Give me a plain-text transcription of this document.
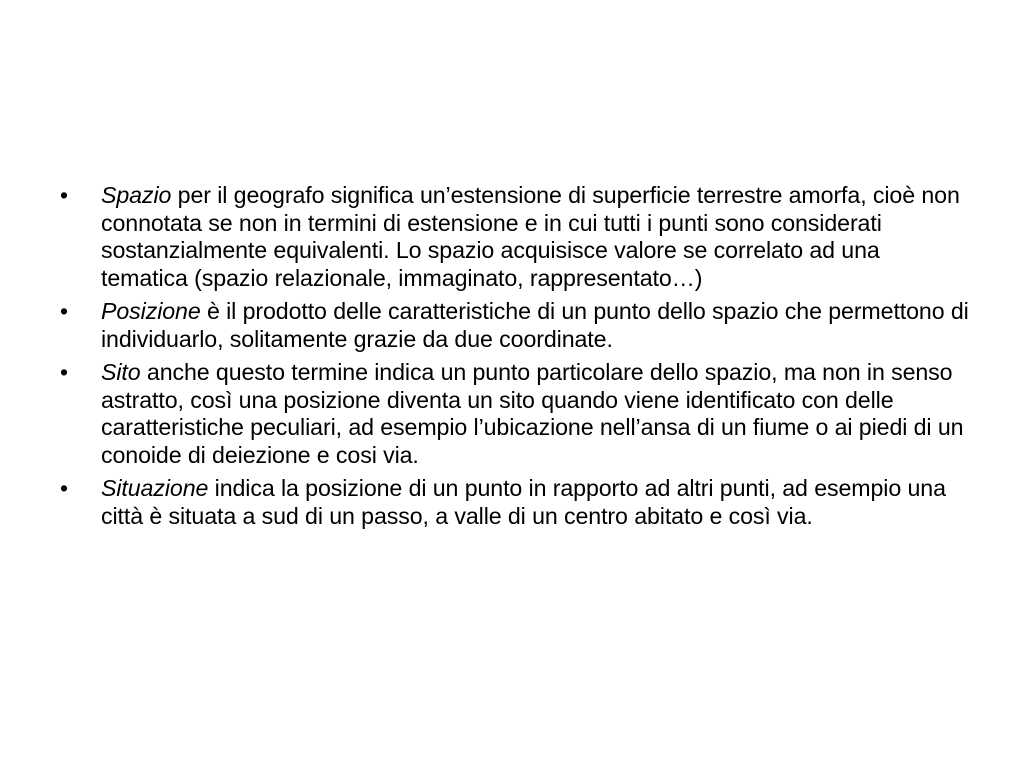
• Spazio per il geografo significa un’estensione di superficie terrestre amorfa, cioè non connotata se non in termini di estensione e in cui tutti i punti sono considerati sostanzialmente equivalenti. Lo spazio acquisisce valore se correlato ad una tematica (spazio relazionale, immaginato, rappresentato…)
• Posizione è il prodotto delle caratteristiche di un punto dello spazio che permettono di individuarlo, solitamente grazie da due coordinate.
• Sito anche questo termine indica un punto particolare dello spazio, ma non in senso astratto, così una posizione diventa un sito quando viene identificato con delle caratteristiche peculiari, ad esempio l’ubicazione nell’ansa di un fiume o ai piedi di un conoide di deiezione e cosi via.
• Situazione indica la posizione di un punto in rapporto ad altri punti, ad esempio una città è situata a sud di un passo, a valle di un centro abitato e così via.
